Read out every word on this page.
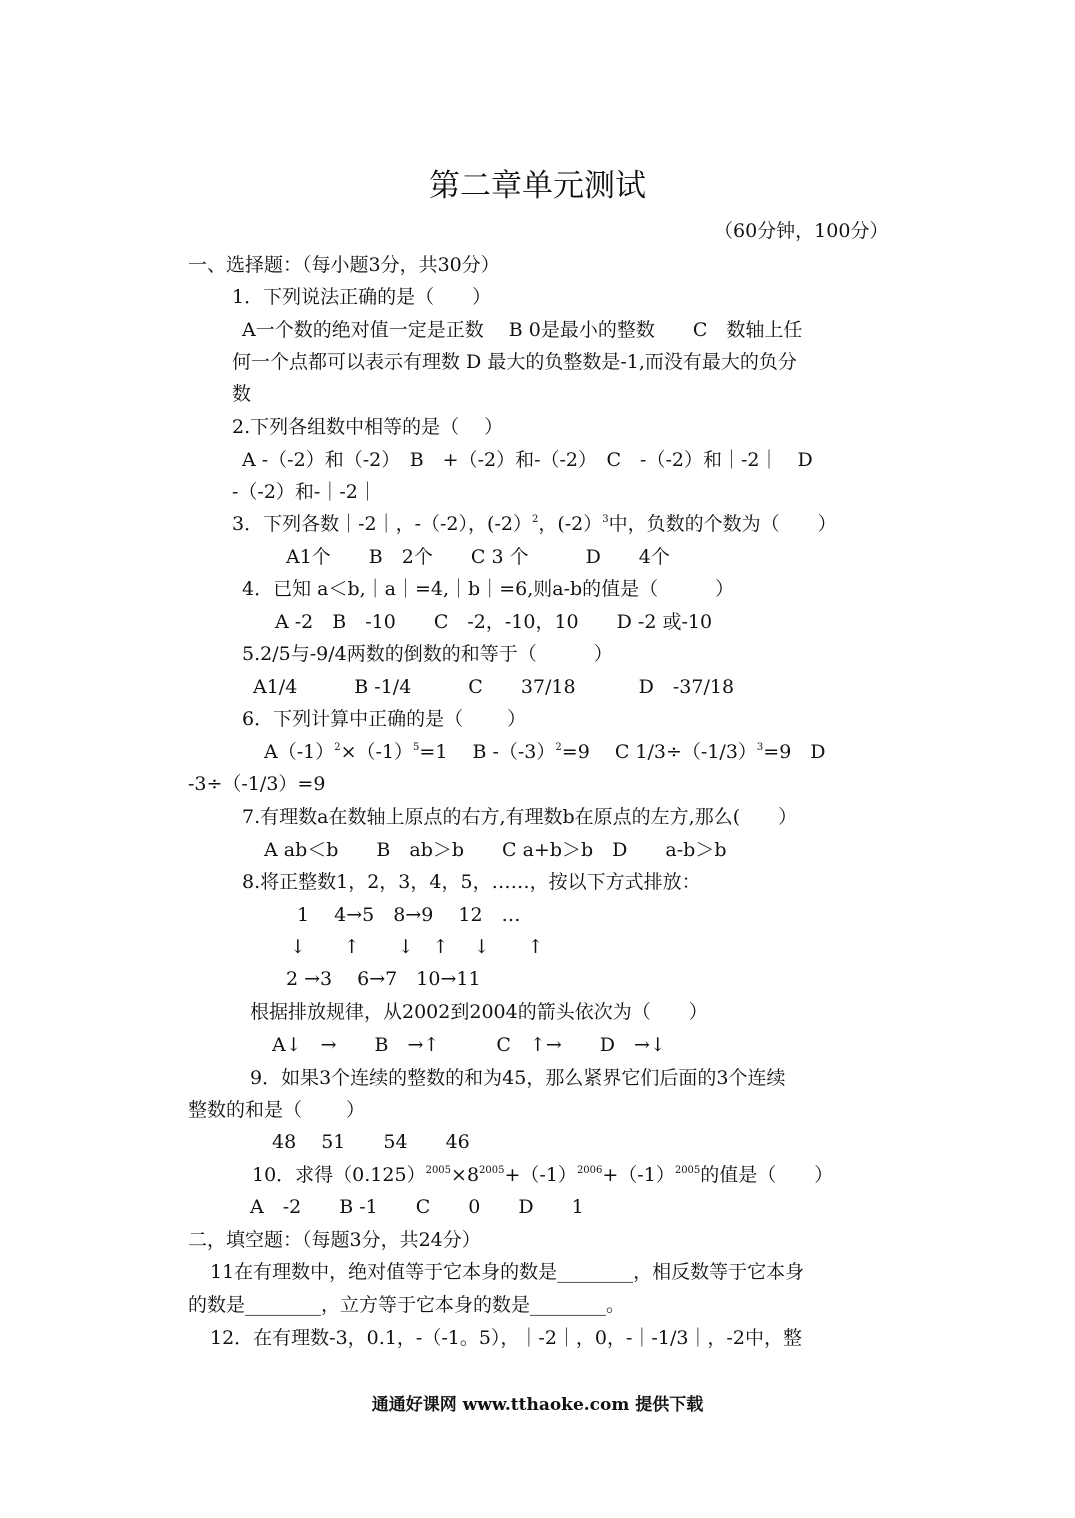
第二章单元测试
（60分钟，100分）
一、选择题：（每小题3分，共30分）
1．下列说法正确的是（　　）
A一个数的绝对值一定是正数　 B 0是最小的整数　　C　数轴上任
何一个点都可以表示有理数 D 最大的负整数是-1,而没有最大的负分
数
2.下列各组数中相等的是（　 ）
A -（-2）和（-2）　B　+（-2）和-（-2）　C　-（-2）和｜-2｜　D
-（-2）和-｜-2｜
3．下列各数｜-2｜，-（-2），(-2）$^2$，(-2）$^3$中，负数的个数为（　　）
A1个　　B　2个　　C 3 个　　　D　　4个
4．已知 a＜b,｜a｜=4,｜b｜=6,则a-b的值是（　　　）
A -2　B　-10　　C　-2，-10，10　　D -2 或-10
5.2/5与-9/4两数的倒数的和等于（　　　）
A1/4　　　B -1/4　　　C　　37/18　　　 D　-37/18
6．下列计算中正确的是（　　 ）
$A(-1)^2\times(-1)^5=1$　 B $-(-3)^2=9$　 C $1/3\div(-1/3)^3=9$　D
-3÷（-1/3）=9
7.有理数a在数轴上原点的右方,有理数b在原点的左方,那么(　　）
A ab＜b　　B　ab＞b　　C a+b＞b　D　　a-b＞b
8.将正整数1，2，3，4，5，……，按以下方式排放：
1　 4→5　8→9　 12　…
↓　　↑　　↓　↑　 ↓　　↑
2 →3　 6→7　10→11
根据排放规律，从2002到2004的箭头依次为（　　）
A↓　→　　B　→↑　　　C　↑→　　D　→↓
9．如果3个连续的整数的和为45，那么紧界它们后面的3个连续
整数的和是（　　 ）
48　 51　　54　　46
10．求得$(0.125)^{2005}\times 8^{2005}+(-1)^{2006}+(-1)^{2005}$的值是（　　）
A　-2　　B -1　　C　　0　　D　　1
二，填空题：（每题3分，共24分）
11在有理数中，绝对值等于它本身的数是________，相反数等于它本身
的数是________，立方等于它本身的数是________。
12．在有理数-3，0.1，-（-1。5），｜-2｜，0，-｜-1/3｜，-2中，整
通通好课网 www.tthaoke.com 提供下载
